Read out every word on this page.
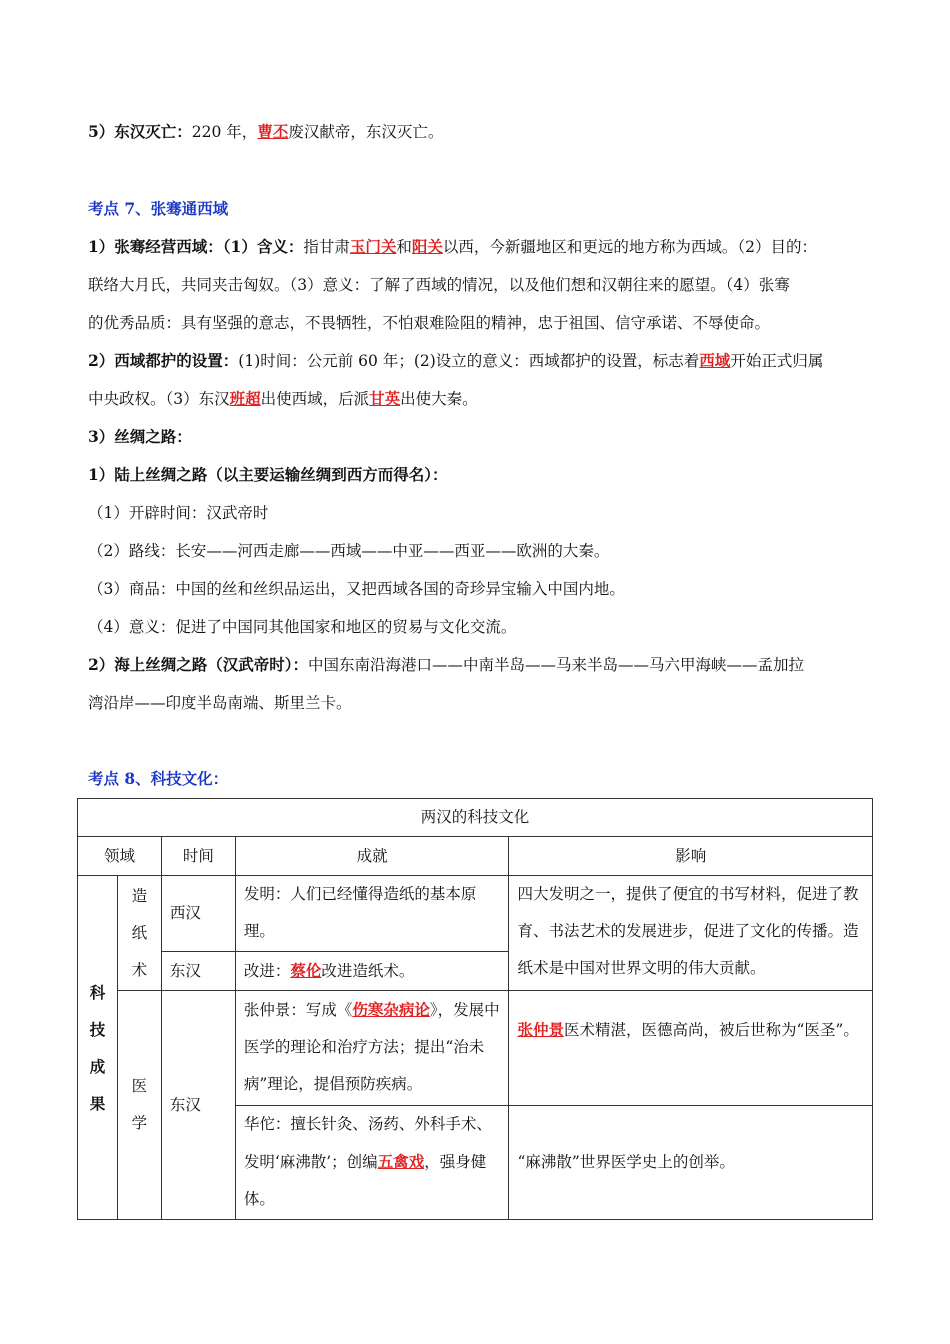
5）东汉灭亡：220 年，曹丕废汉献帝，东汉灭亡。
考点 7、张骞通西域
1）张骞经营西域：（1）含义：指甘肃玉门关和阳关以西，今新疆地区和更远的地方称为西域。（2）目的：
联络大月氏，共同夹击匈奴。（3）意义：了解了西域的情况，以及他们想和汉朝往来的愿望。（4）张骞
的优秀品质：具有坚强的意志，不畏牺牲，不怕艰难险阻的精神，忠于祖国、信守承诺、不辱使命。
2）西域都护的设置：(1)时间：公元前 60 年；(2)设立的意义：西域都护的设置，标志着西域开始正式归属
中央政权。（3）东汉班超出使西域，后派甘英出使大秦。
3）丝绸之路：
1）陆上丝绸之路（以主要运输丝绸到西方而得名）：
（1）开辟时间：汉武帝时
（2）路线：长安——河西走廊——西域——中亚——西亚——欧洲的大秦。
（3）商品：中国的丝和丝织品运出，又把西域各国的奇珍异宝输入中国内地。
（4）意义：促进了中国同其他国家和地区的贸易与文化交流。
2）海上丝绸之路（汉武帝时）：中国东南沿海港口——中南半岛——马来半岛——马六甲海峡——孟加拉
湾沿岸——印度半岛南端、斯里兰卡。
考点 8、科技文化：
两汉的科技文化				
领域		时间	成就	影响

科技成果	造纸术	西汉	发明：人们已经懂得造纸的基本原理。	四大发明之一，提供了便宜的书写材料，促进了教育、书法艺术的发展进步，促进了文化的传播。造纸术是中国对世界文明的伟大贡献。
		东汉	改进：蔡伦改进造纸术。	

	医学	东汉	张仲景：写成《伤寒杂病论》，发展中医学的理论和治疗方法；提出“治未病”理论，提倡预防疾病。	张仲景医术精湛，医德高尚，被后世称为“医圣”。
			华佗：擅长针灸、汤药、外科手术、发明‘麻沸散’；创编五禽戏，强身健体。	“麻沸散”世界医学史上的创举。
